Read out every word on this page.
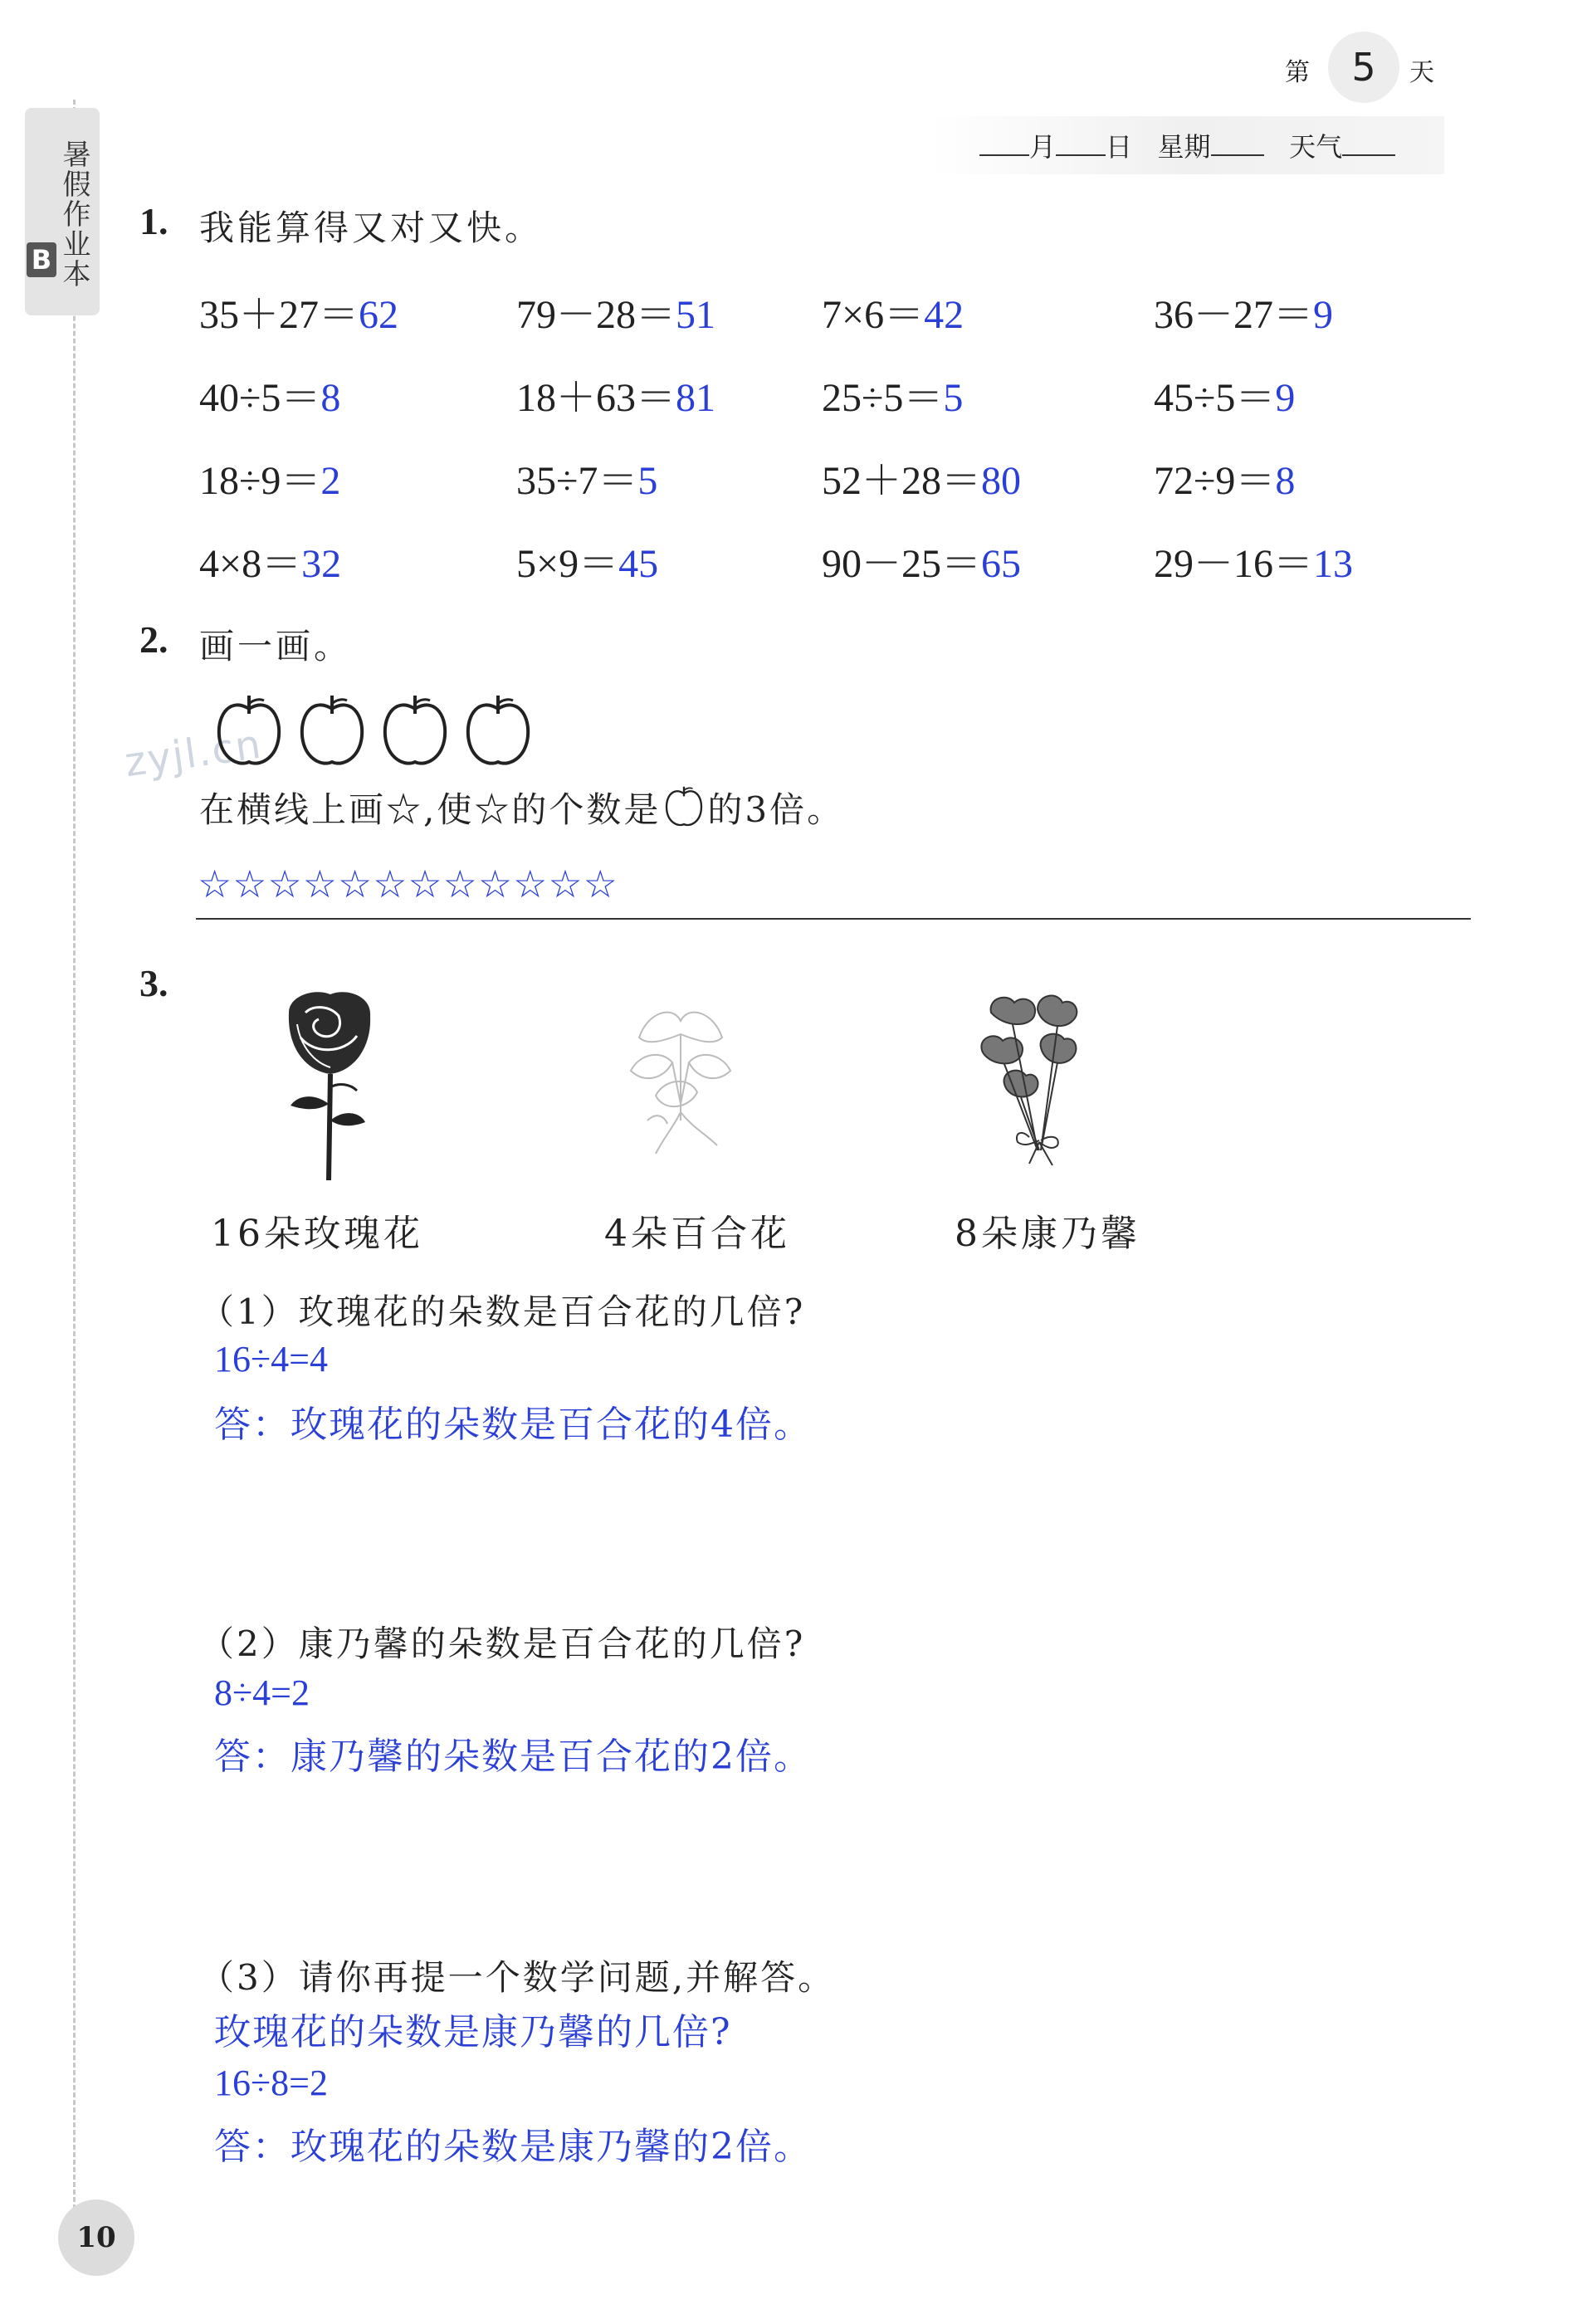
暑假作业本
B
10
第	5	天
月 日 星期	天气
1. 我能算得又对又快。
35＋27＝62	79－28＝51	7×6＝42	36－27＝9
40÷5＝8	18＋63＝81	25÷5＝5	45÷5＝9
18÷9＝2	35÷7＝5	52＋28＝80	72÷9＝8
4×8＝32	5×9＝45	90－25＝65	29－16＝13
2. 画一画。
zyjl.cn
在横线上画☆,使☆的个数是 的3倍。
☆☆☆☆☆☆☆☆☆☆☆☆
3.
16朵玫瑰花	4朵百合花	8朵康乃馨
（1）玫瑰花的朵数是百合花的几倍?
16÷4=4
答：玫瑰花的朵数是百合花的4倍。
（2）康乃馨的朵数是百合花的几倍?
8÷4=2
答：康乃馨的朵数是百合花的2倍。
（3）请你再提一个数学问题,并解答。
玫瑰花的朵数是康乃馨的几倍?
16÷8=2
答：玫瑰花的朵数是康乃馨的2倍。
